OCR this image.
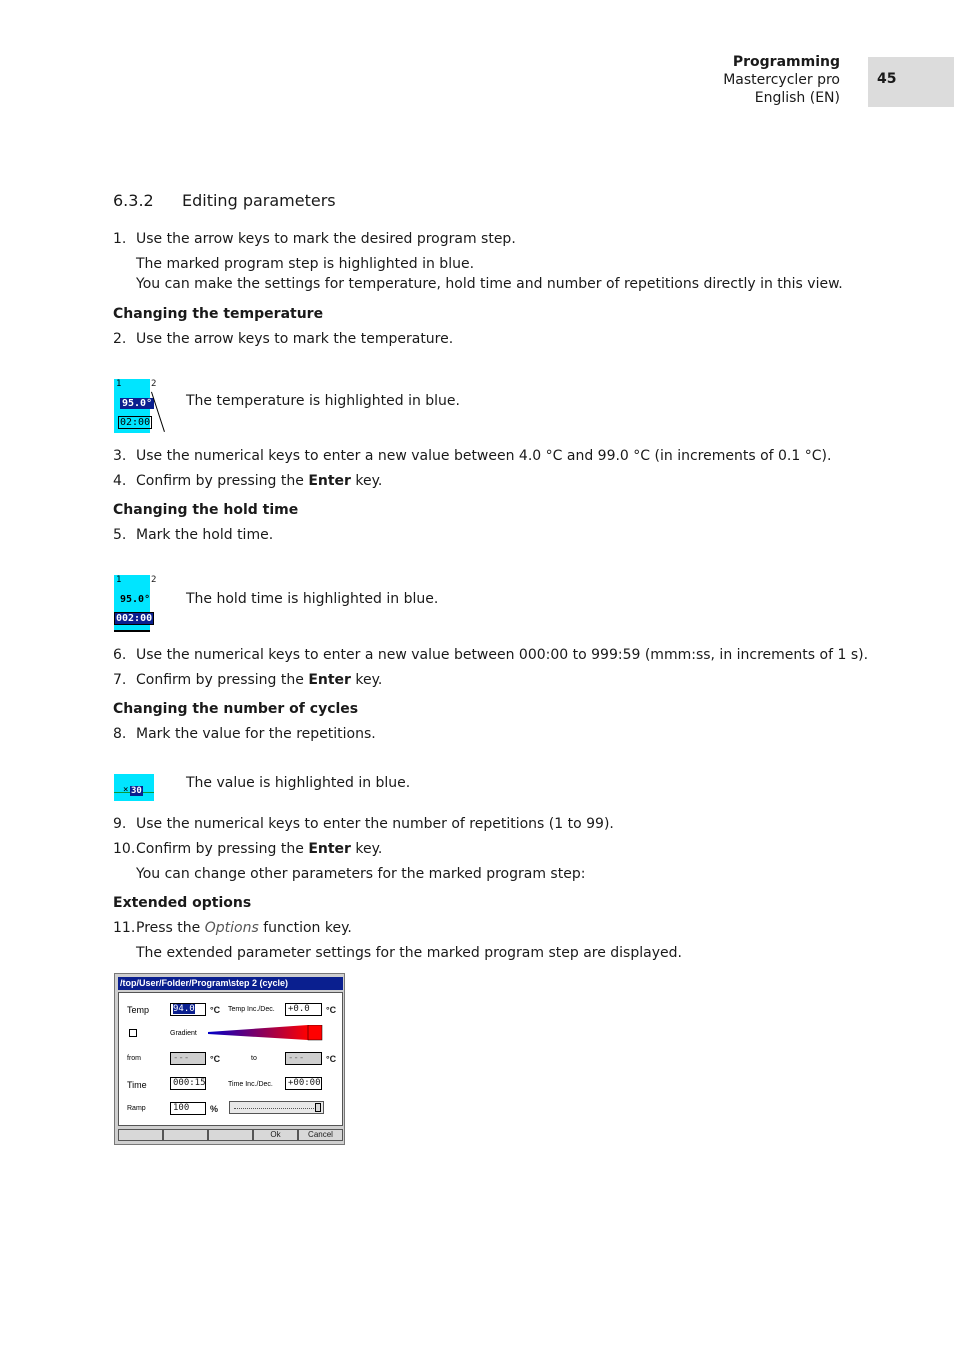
Programming
Mastercycler pro
English (EN)
45
6.3.2 Editing parameters
1. Use the arrow keys to mark the desired program step.
The marked program step is highlighted in blue.
You can make the settings for temperature, hold time and number of repetitions directly in this view.
Changing the temperature
2. Use the arrow keys to mark the temperature.
1
95.0°
02:00
2
The temperature is highlighted in blue.
3. Use the numerical keys to enter a new value between 4.0 °C and 99.0 °C (in increments of 0.1 °C).
4. Confirm by pressing the Enter key.
Changing the hold time
5. Mark the hold time.
1
95.0°
002:00
2
The hold time is highlighted in blue.
6. Use the numerical keys to enter a new value between 000:00 to 999:59 (mmm:ss, in increments of 1 s).
7. Confirm by pressing the Enter key.
Changing the number of cycles
8. Mark the value for the repetitions.
× 30	The value is highlighted in blue.
9. Use the numerical keys to enter the number of repetitions (1 to 99).
10. Confirm by pressing the Enter key.
You can change other parameters for the marked program step:
Extended options
11. Press the Options function key.
The extended parameter settings for the marked program step are displayed.
/top/User/Folder/Program\step 2 (cycle)
Temp	94.0	°C Temp Inc./Dec.	+0.0	°C
Gradient
from	---	°C	to	---	°C
Time	000:15	Time Inc./Dec.	+00:00
Ramp	100	%
Ok	Cancel
